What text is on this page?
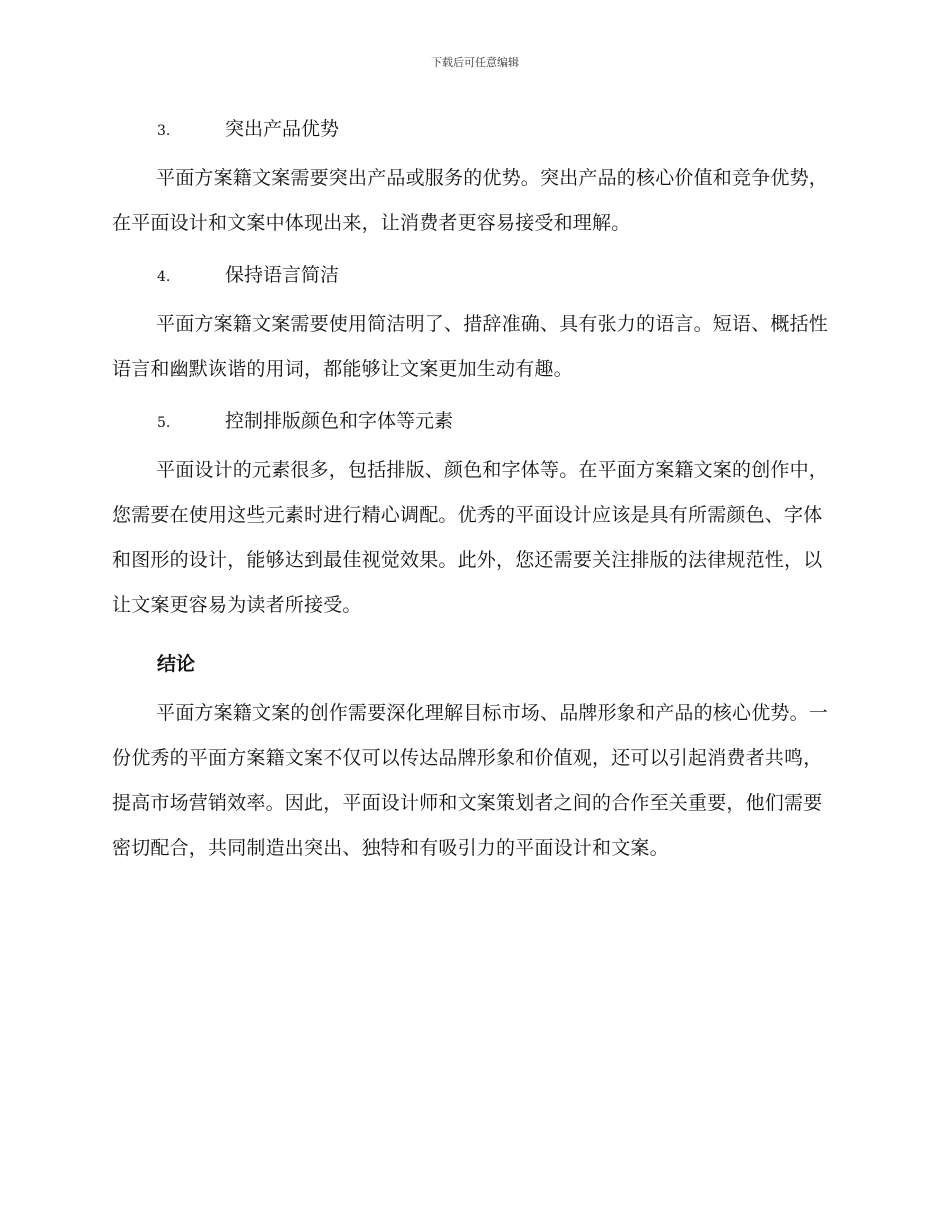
下载后可任意编辑
3.	突出产品优势

平面方案籍文案需要突出产品或服务的优势。突出产品的核心价值和竞争优势，在平面设计和文案中体现出来，让消费者更容易接受和理解。

4.	保持语言简洁

平面方案籍文案需要使用简洁明了、措辞准确、具有张力的语言。短语、概括性语言和幽默诙谐的用词，都能够让文案更加生动有趣。

5.	控制排版颜色和字体等元素

平面设计的元素很多，包括排版、颜色和字体等。在平面方案籍文案的创作中，您需要在使用这些元素时进行精心调配。优秀的平面设计应该是具有所需颜色、字体和图形的设计，能够达到最佳视觉效果。此外，您还需要关注排版的法律规范性，以让文案更容易为读者所接受。

结论

平面方案籍文案的创作需要深化理解目标市场、品牌形象和产品的核心优势。一份优秀的平面方案籍文案不仅可以传达品牌形象和价值观，还可以引起消费者共鸣，提高市场营销效率。因此，平面设计师和文案策划者之间的合作至关重要，他们需要密切配合，共同制造出突出、独特和有吸引力的平面设计和文案。
